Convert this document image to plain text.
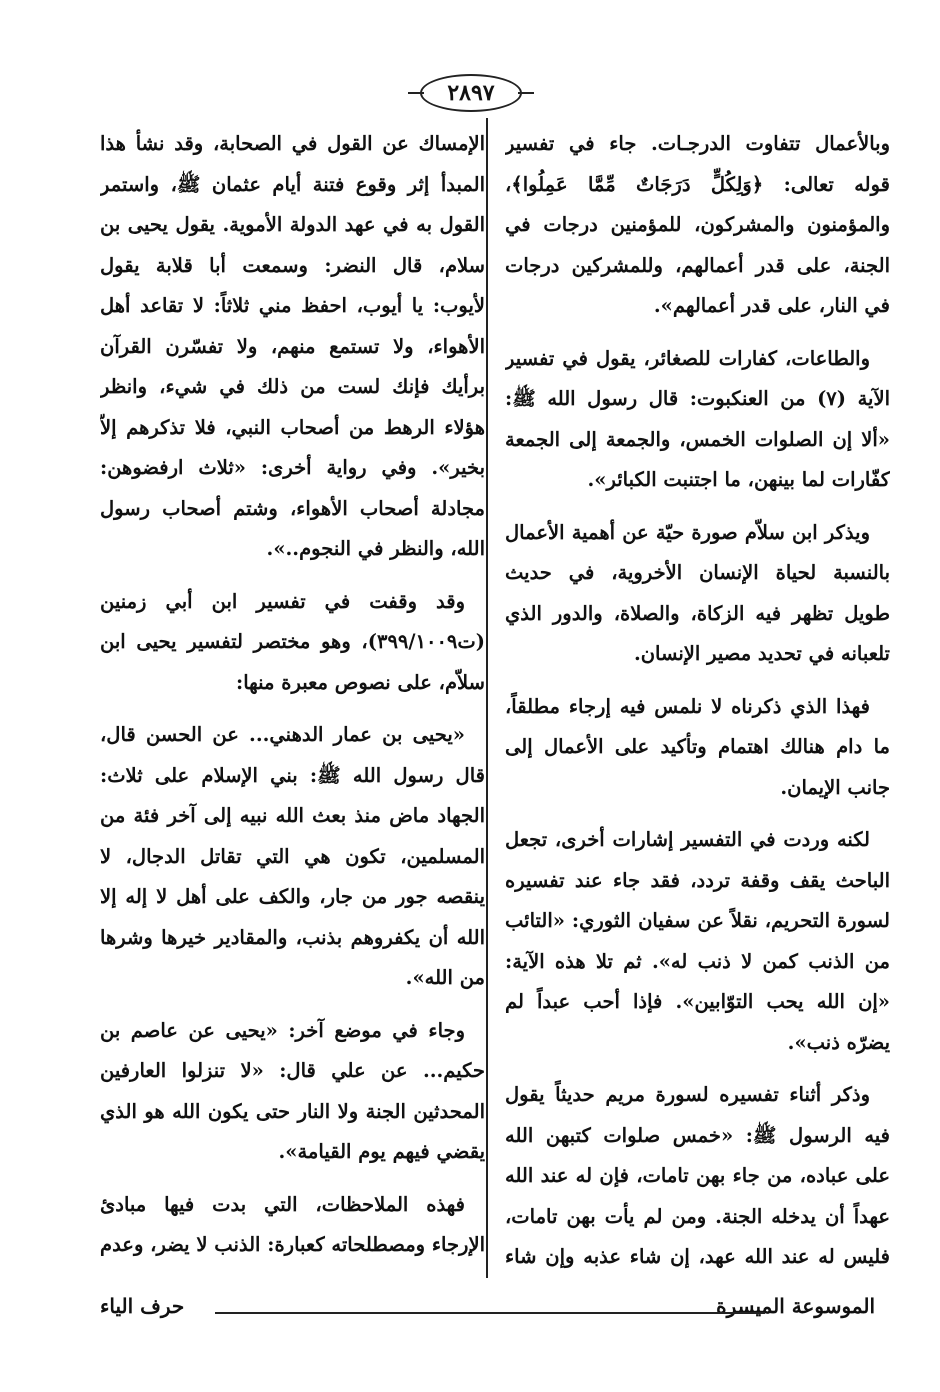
٢٨٩٧

وبالأعمال تتفاوت الدرجـات. جاء في تفسير قوله تعالى: ﴿وَلِكُلٍّ دَرَجَاتٌ مِّمَّا عَمِلُوا﴾، والمؤمنون والمشركون، للمؤمنين درجات في الجنة، على قدر أعمالهم، وللمشركين درجات في النار، على قدر أعمالهم».

والطاعات، كفارات للصغائر، يقول في تفسير الآية (٧) من العنكبوت: قال رسول الله ﷺ: «ألا إن الصلوات الخمس، والجمعة إلى الجمعة كفّارات لما بينهن، ما اجتنبت الكبائر».

ويذكر ابن سلاّم صورة حيّة عن أهمية الأعمال بالنسبة لحياة الإنسان الأخروية، في حديث طويل تظهر فيه الزكاة، والصلاة، والدور الذي تلعبانه في تحديد مصير الإنسان.

فهذا الذي ذكرناه لا نلمس فيه إرجاء مطلقاً، ما دام هنالك اهتمام وتأكيد على الأعمال إلى جانب الإيمان.

لكنه وردت في التفسير إشارات أخرى، تجعل الباحث يقف وقفة تردد، فقد جاء عند تفسيره لسورة التحريم، نقلاً عن سفيان الثوري: «التائب من الذنب كمن لا ذنب له». ثم تلا هذه الآية: «إن الله يحب التوّابين». فإذا أحب عبداً لم يضرّه ذنب».

وذكر أثناء تفسيره لسورة مريم حديثاً يقول فيه الرسول ﷺ: «خمس صلوات كتبهن الله على عباده، من جاء بهن تامات، فإن له عند الله عهداً أن يدخله الجنة. ومن لم يأت بهن تامات، فليس له عند الله عهد، إن شاء عذبه وإن شاء

الإمساك عن القول في الصحابة، وقد نشأ هذا المبدأ إثر وقوع فتنة أيام عثمان ﷺ، واستمر القول به في عهد الدولة الأموية. يقول يحيى بن سلام، قال النضر: وسمعت أبا قلابة يقول لأيوب: يا أيوب، احفظ مني ثلاثاً: لا تقاعد أهل الأهواء، ولا تستمع منهم، ولا تفسّرن القرآن برأيك فإنك لست من ذلك في شيء، وانظر هؤلاء الرهط من أصحاب النبي، فلا تذكرهم إلاّ بخير». وفي رواية أخرى: «ثلاث ارفضوهن: مجادلة أصحاب الأهواء، وشتم أصحاب رسول الله، والنظر في النجوم..».

وقد وقفت في تفسير ابن أبي زمنين (ت٣٩٩/١٠٠٩)، وهو مختصر لتفسير يحيى ابن سلاّم، على نصوص معبرة منها:

«يحيى بن عمار الدهني... عن الحسن قال، قال رسول الله ﷺ: بني الإسلام على ثلاث: الجهاد ماض منذ بعث الله نبيه إلى آخر فئة من المسلمين، تكون هي التي تقاتل الدجال، لا ينقصه جور من جار، والكف على أهل لا إله إلا الله أن يكفروهم بذنب، والمقادير خيرها وشرها من الله».

وجاء في موضع آخر: «يحيى عن عاصم بن حكيم... عن علي قال: «لا تنزلوا العارفين المحدثين الجنة ولا النار حتى يكون الله هو الذي يقضي فيهم يوم القيامة».

فهذه الملاحظات، التي بدت فيها مبادئ الإرجاء ومصطلحاته كعبارة: الذنب لا يضر، وعدم

الموسوعة الميسرة
حرف الياء
